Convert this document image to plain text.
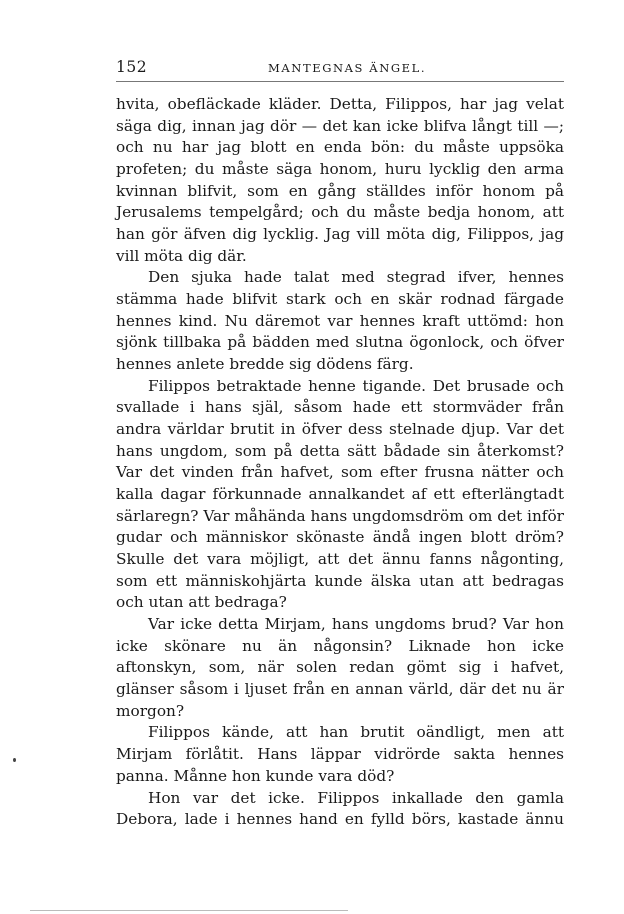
152	MANTEGNAS ÄNGEL.

hvita, obefläckade kläder. Detta, Filippos, har jag velat säga dig, innan jag dör — det kan icke blifva långt till —; och nu har jag blott en enda bön: du måste uppsöka profeten; du måste säga honom, huru lycklig den arma kvinnan blifvit, som en gång ställdes inför honom på Jerusalems tempelgård; och du måste bedja honom, att han gör äfven dig lycklig. Jag vill möta dig, Filippos, jag vill möta dig där.

Den sjuka hade talat med stegrad ifver, hennes stämma hade blifvit stark och en skär rodnad färgade hennes kind. Nu däremot var hennes kraft uttömd: hon sjönk tillbaka på bädden med slutna ögonlock, och öfver hennes anlete bredde sig dödens färg.

Filippos betraktade henne tigande. Det brusade och svallade i hans själ, såsom hade ett stormväder från andra världar brutit in öfver dess stelnade djup. Var det hans ungdom, som på detta sätt bådade sin återkomst? Var det vinden från hafvet, som efter frusna nätter och kalla dagar förkunnade annalkandet af ett efterlängtadt särlaregn? Var måhända hans ungdomsdröm om det inför gudar och människor skönaste ändå ingen blott dröm? Skulle det vara möjligt, att det ännu fanns någonting, som ett människohjärta kunde älska utan att bedragas och utan att bedraga?

Var icke detta Mirjam, hans ungdoms brud? Var hon icke skönare nu än någonsin? Liknade hon icke aftonskyn, som, när solen redan gömt sig i hafvet, glänser såsom i ljuset från en annan värld, där det nu är morgon?

Filippos kände, att han brutit oändligt, men att Mirjam förlåtit. Hans läppar vidrörde sakta hennes panna. Månne hon kunde vara död?

Hon var det icke. Filippos inkallade den gamla Debora, lade i hennes hand en fylld börs, kastade ännu
